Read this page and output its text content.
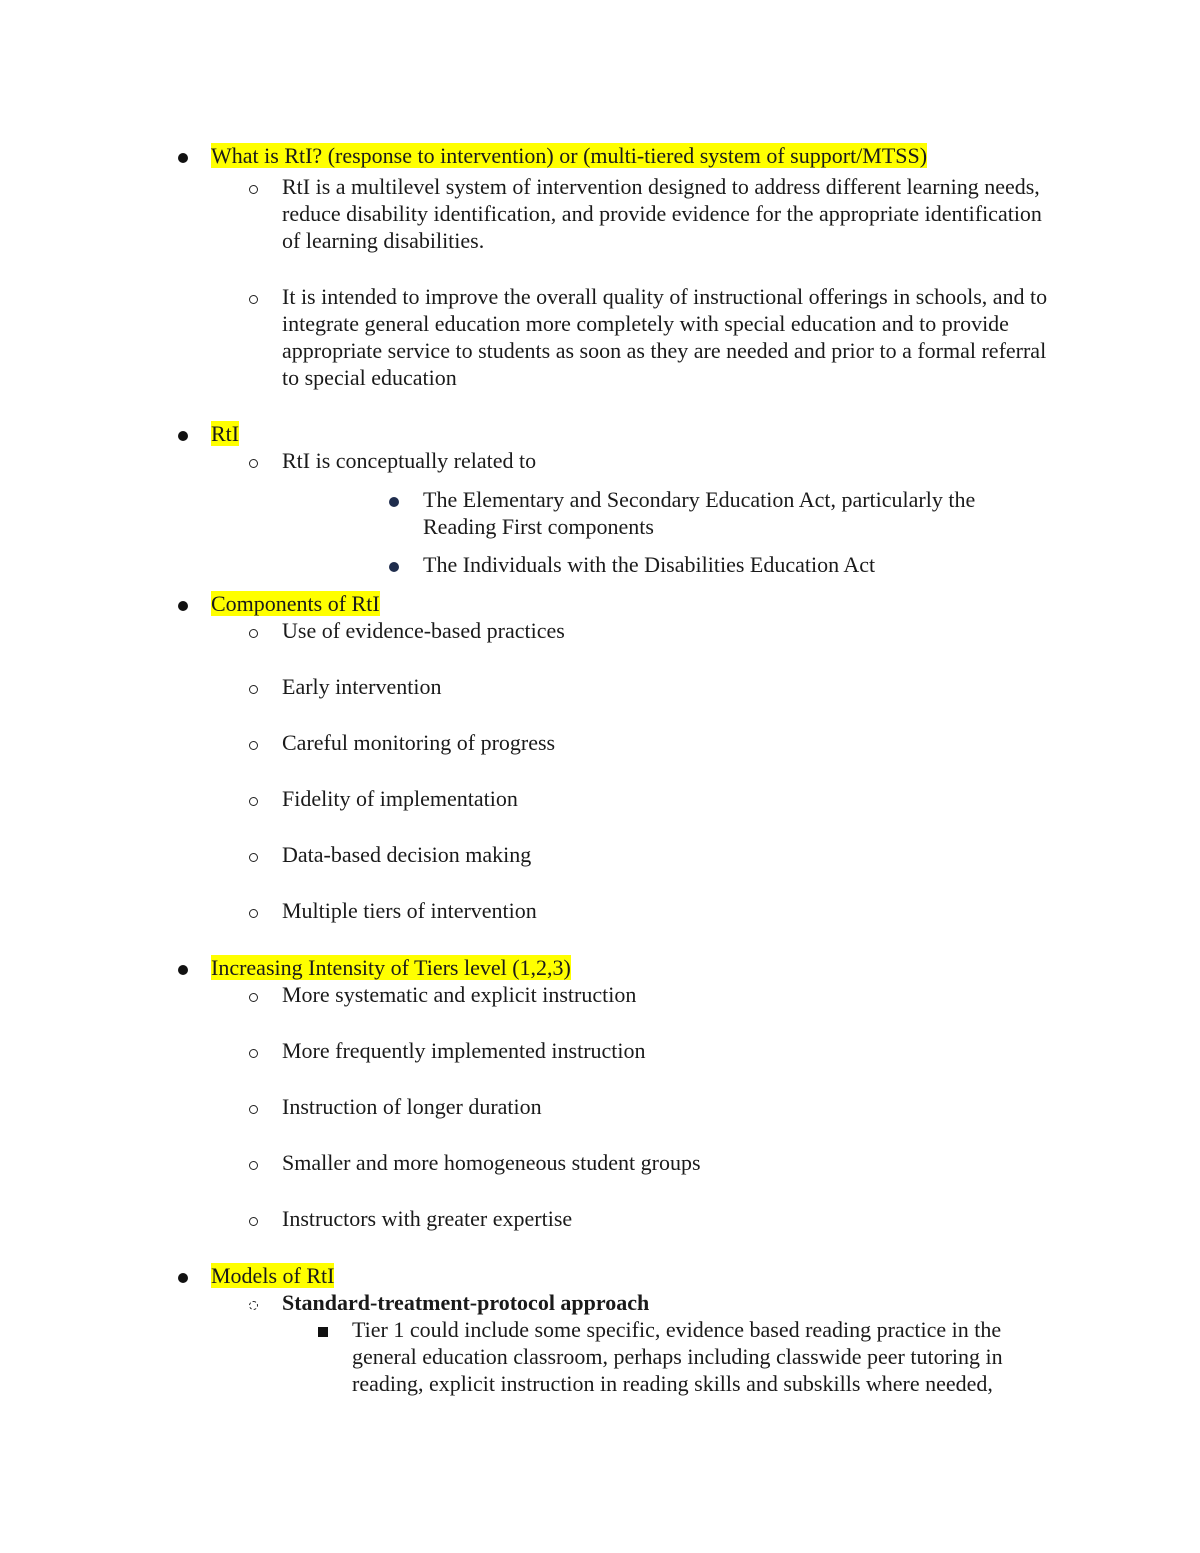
What is RtI? (response to intervention) or (multi-tiered system of support/MTSS)
RtI is a multilevel system of intervention designed to address different learning needs, reduce disability identification, and provide evidence for the appropriate identification of learning disabilities.
It is intended to improve the overall quality of instructional offerings in schools, and to integrate general education more completely with special education and to provide appropriate service to students as soon as they are needed and prior to a formal referral to special education
RtI
RtI is conceptually related to
The Elementary and Secondary Education Act, particularly the Reading First components
The Individuals with the Disabilities Education Act
Components of RtI
Use of evidence-based practices
Early intervention
Careful monitoring of progress
Fidelity of implementation
Data-based decision making
Multiple tiers of intervention
Increasing Intensity of Tiers level (1,2,3)
More systematic and explicit instruction
More frequently implemented instruction
Instruction of longer duration
Smaller and more homogeneous student groups
Instructors with greater expertise
Models of RtI
Standard-treatment-protocol approach
Tier 1 could include some specific, evidence based reading practice in the general education classroom, perhaps including classwide peer tutoring in reading, explicit instruction in reading skills and subskills where needed,
